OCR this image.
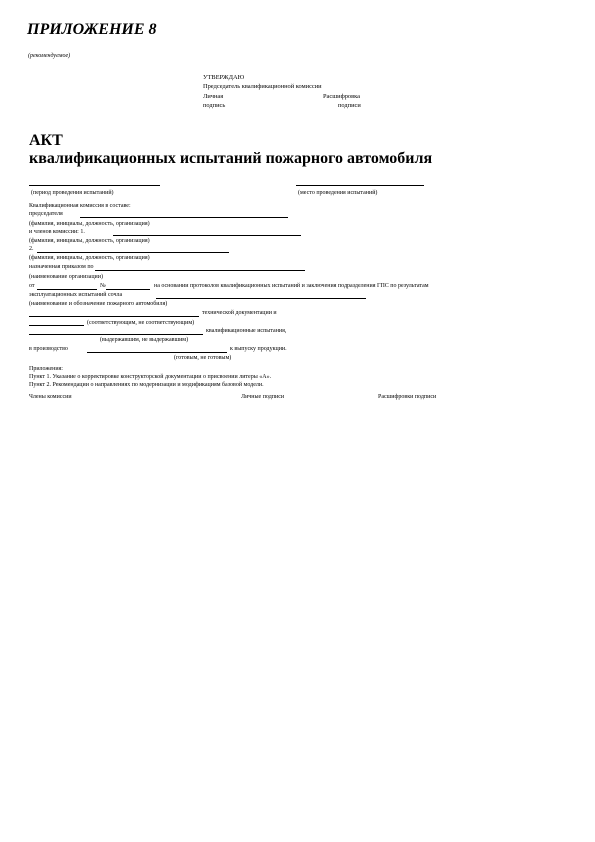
ПРИЛОЖЕНИЕ 8
(рекомендуемое)
УТВЕРЖДАЮ
Председатель квалификационной комиссии
Личная	Расшифровка
подпись	подписи
АКТ
квалификационных испытаний пожарного автомобиля
(период проведения испытаний)	(место проведения испытаний)
Квалификационная комиссия в составе:
председателя
(фамилия, инициалы, должность, организация)
и членов комиссии: 1.
(фамилия, инициалы, должность, организация)
2.
(фамилия, инициалы, должность, организация)
назначенная приказом по
(наименование организации)
от	№	на основании протоколов квалификационных испытаний и заключения подразделения ГПС по результатам
эксплуатационных испытаний сочла
(наименование и обозначение пожарного автомобиля)
технической документации и
(соответствующим, не соответствующим)
квалификационные испытания,
(выдержавшим, не выдержавшим)
в производство	к выпуску продукции.
(готовым, не готовым)
Приложения:
Пункт 1. Указание о корректировке конструкторской документации о присвоении литеры «А».
Пункт 2. Рекомендации о направлениях по модернизации и модификациям базовой модели.
Члены комиссии	Личные подписи	Расшифровки подписи
